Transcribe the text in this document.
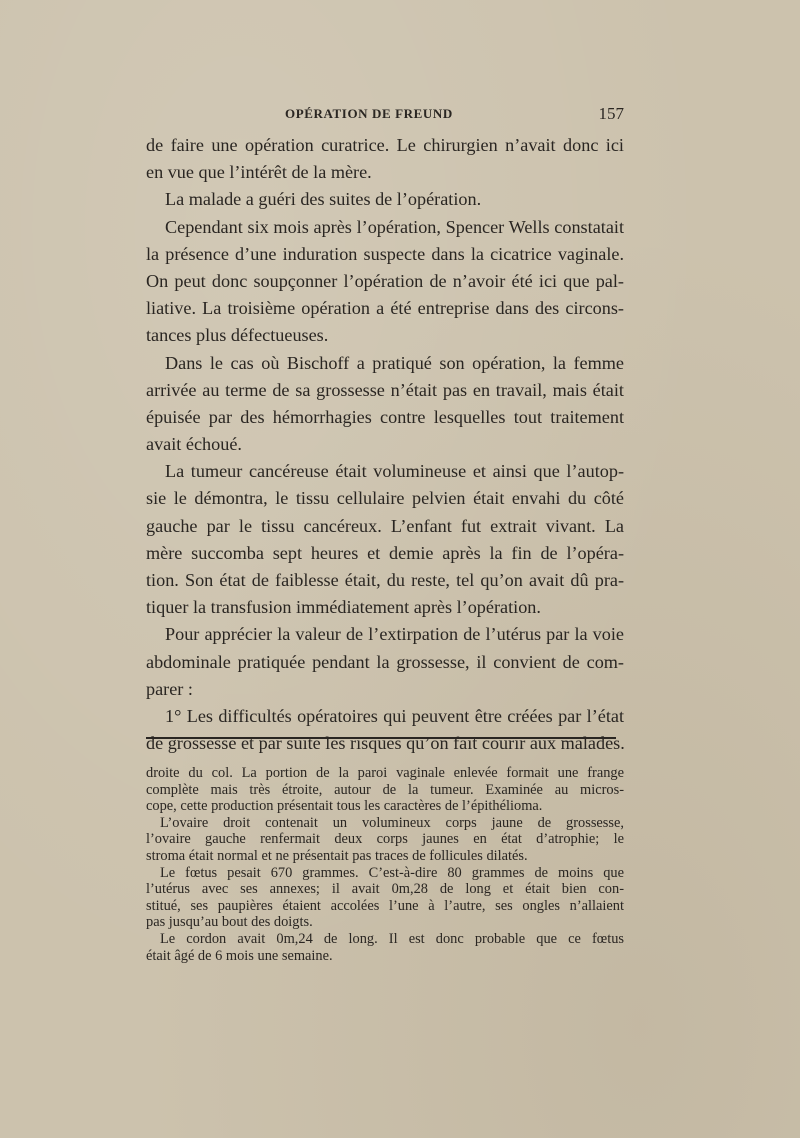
OPÉRATION DE FREUND	157
de faire une opération curatrice. Le chirurgien n’avait donc ici
en vue que l’intérêt de la mère.
La malade a guéri des suites de l’opération.
Cependant six mois après l’opération, Spencer Wells constatait
la présence d’une induration suspecte dans la cicatrice vaginale.
On peut donc soupçonner l’opération de n’avoir été ici que pal-
liative. La troisième opération a été entreprise dans des circons-
tances plus défectueuses.
Dans le cas où Bischoff a pratiqué son opération, la femme
arrivée au terme de sa grossesse n’était pas en travail, mais était
épuisée par des hémorrhagies contre lesquelles tout traitement
avait échoué.
La tumeur cancéreuse était volumineuse et ainsi que l’autop-
sie le démontra, le tissu cellulaire pelvien était envahi du côté
gauche par le tissu cancéreux. L’enfant fut extrait vivant. La
mère succomba sept heures et demie après la fin de l’opéra-
tion. Son état de faiblesse était, du reste, tel qu’on avait dû pra-
tiquer la transfusion immédiatement après l’opération.
Pour apprécier la valeur de l’extirpation de l’utérus par la voie
abdominale pratiquée pendant la grossesse, il convient de com-
parer :
1° Les difficultés opératoires qui peuvent être créées par l’état
de grossesse et par suite les risques qu’on fait courir aux malades.
droite du col. La portion de la paroi vaginale enlevée formait une frange
complète mais très étroite, autour de la tumeur. Examinée au micros-
cope, cette production présentait tous les caractères de l’épithélioma.
L’ovaire droit contenait un volumineux corps jaune de grossesse,
l’ovaire gauche renfermait deux corps jaunes en état d’atrophie; le
stroma était normal et ne présentait pas traces de follicules dilatés.
Le fœtus pesait 670 grammes. C’est-à-dire 80 grammes de moins que
l’utérus avec ses annexes; il avait 0m,28 de long et était bien con-
stitué, ses paupières étaient accolées l’une à l’autre, ses ongles n’allaient
pas jusqu’au bout des doigts.
Le cordon avait 0m,24 de long. Il est donc probable que ce fœtus
était âgé de 6 mois une semaine.
